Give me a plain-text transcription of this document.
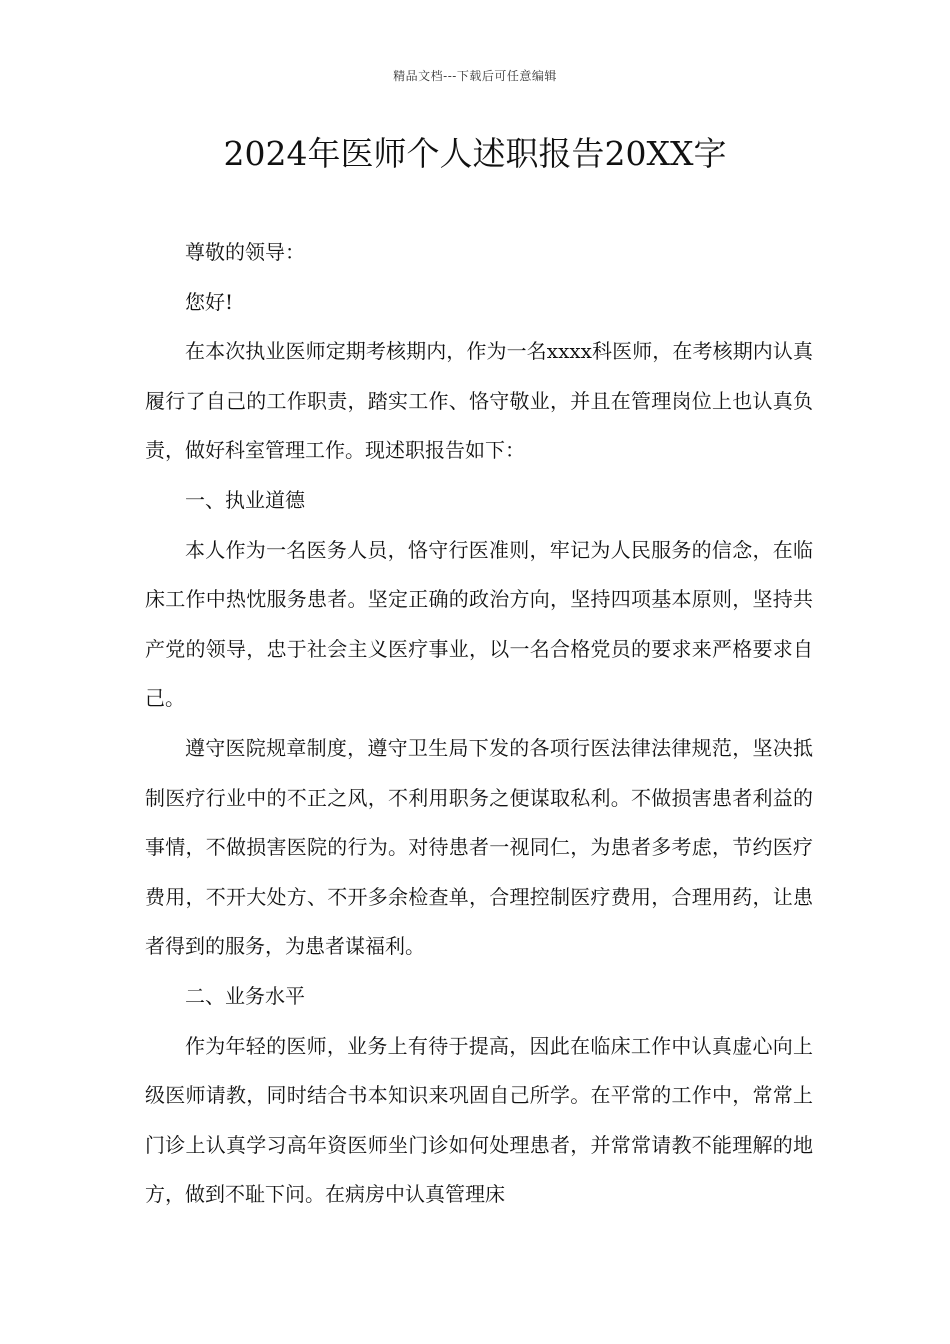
精品文档---下载后可任意编辑
2024年医师个人述职报告20XX字

尊敬的领导：

您好!

在本次执业医师定期考核期内，作为一名xxxx科医师，在考核期内认真履行了自己的工作职责，踏实工作、恪守敬业，并且在管理岗位上也认真负责，做好科室管理工作。现述职报告如下：

一、执业道德

本人作为一名医务人员，恪守行医准则，牢记为人民服务的信念，在临床工作中热忱服务患者。坚定正确的政治方向，坚持四项基本原则，坚持共产党的领导，忠于社会主义医疗事业，以一名合格党员的要求来严格要求自己。

遵守医院规章制度，遵守卫生局下发的各项行医法律法律规范，坚决抵制医疗行业中的不正之风，不利用职务之便谋取私利。不做损害患者利益的事情，不做损害医院的行为。对待患者一视同仁，为患者多考虑，节约医疗费用，不开大处方、不开多余检查单，合理控制医疗费用，合理用药，让患者得到的服务，为患者谋福利。

二、业务水平

作为年轻的医师，业务上有待于提高，因此在临床工作中认真虚心向上级医师请教，同时结合书本知识来巩固自己所学。在平常的工作中，常常上门诊上认真学习高年资医师坐门诊如何处理患者，并常常请教不能理解的地方，做到不耻下问。在病房中认真管理床
